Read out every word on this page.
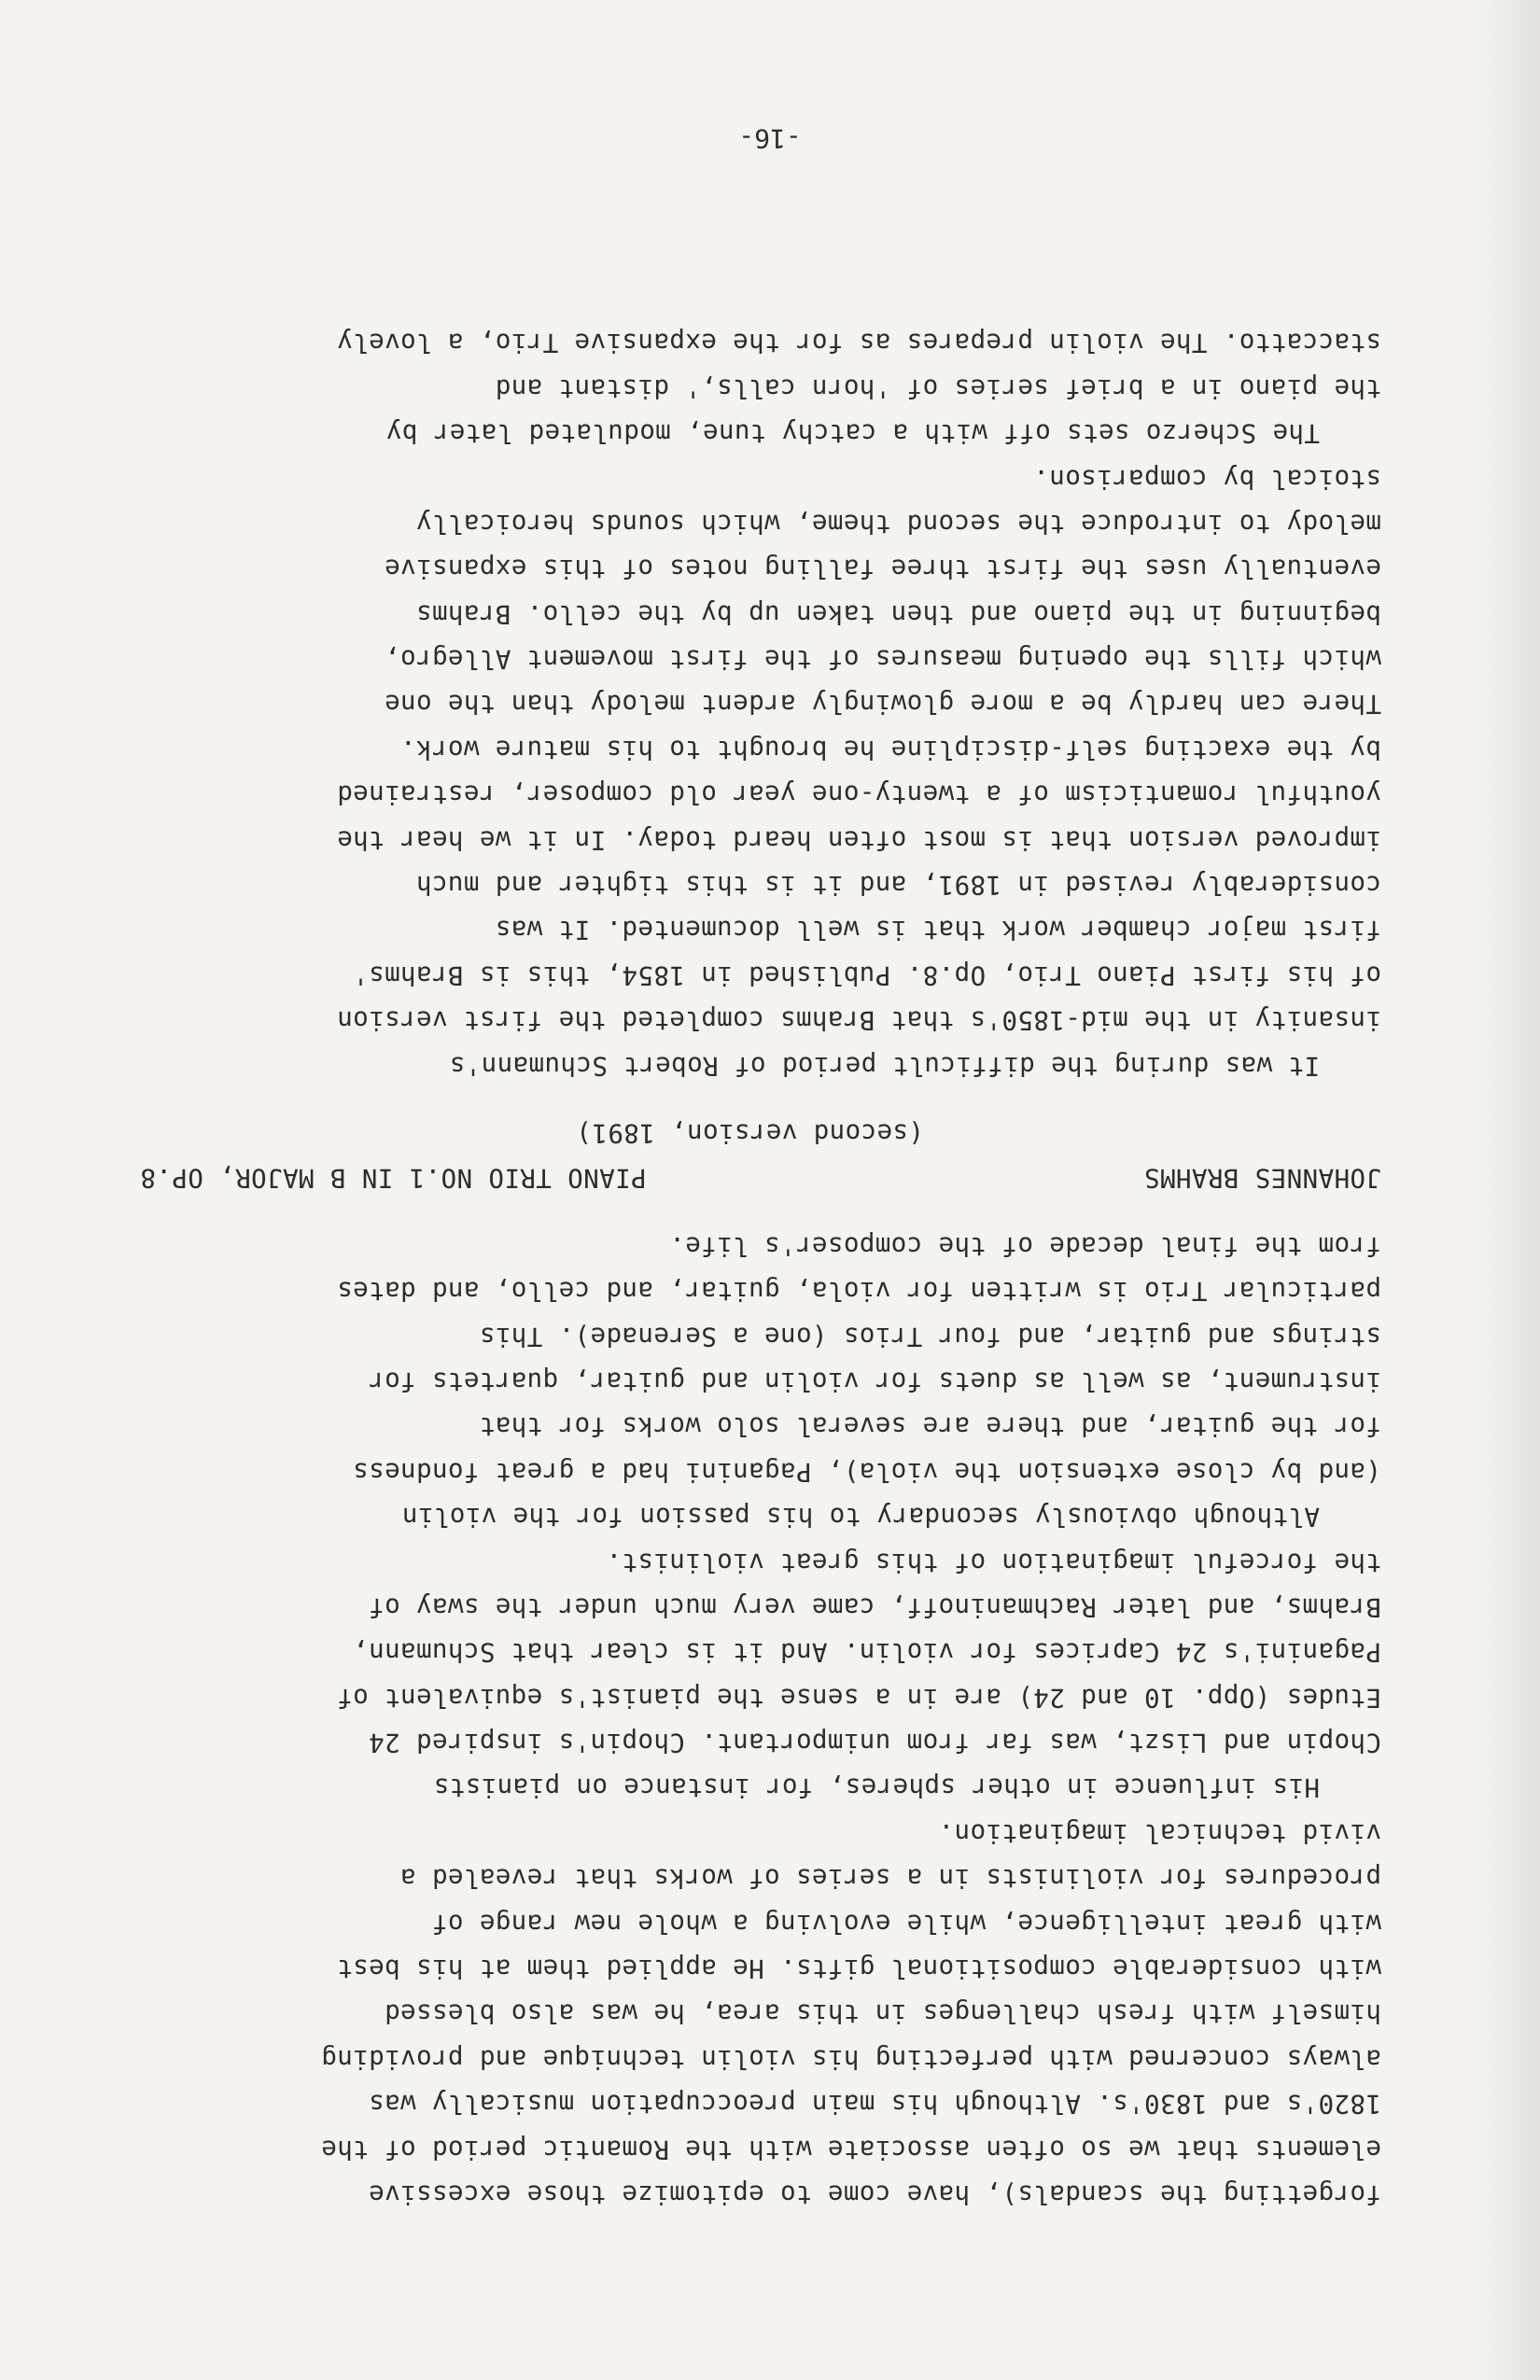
forgetting the scandals), have come to epitomize those excessive
elements that we so often associate with the Romantic period of the
1820's and 1830's. Although his main preoccupation musically was
always concerned with perfecting his violin technique and providing
himself with fresh challenges in this area, he was also blessed
with considerable compositional gifts. He applied them at his best
with great intelligence, while evolving a whole new range of
procedures for violinists in a series of works that revealed a
vivid technical imagination.
His influence in other spheres, for instance on pianists
Chopin and Liszt, was far from unimportant. Chopin's inspired 24
Etudes (Opp. 10 and 24) are in a sense the pianist's equivalent of
Paganini's 24 Caprices for violin. And it is clear that Schumann,
Brahms, and later Rachmaninoff, came very much under the sway of
the forceful imagination of this great violinist.
Although obviously secondary to his passion for the violin
(and by close extension the viola), Paganini had a great fondness
for the guitar, and there are several solo works for that
instrument, as well as duets for violin and guitar, quartets for
strings and guitar, and four Trios (one a Serenade). This
particular Trio is written for viola, guitar, and cello, and dates
from the final decade of the composer's life.
JOHANNES BRAHMS
PIANO TRIO NO.1 IN B MAJOR, OP.8
(second version, 1891)
It was during the difficult period of Robert Schumann's
insanity in the mid-1850's that Brahms completed the first version
of his first Piano Trio, Op.8. Published in 1854, this is Brahms'
first major chamber work that is well documented. It was
considerably revised in 1891, and it is this tighter and much
improved version that is most often heard today. In it we hear the
youthful romanticism of a twenty-one year old composer, restrained
by the exacting self-discipline he brought to his mature work.
There can hardly be a more glowingly ardent melody than the one
which fills the opening measures of the first movement Allegro,
beginning in the piano and then taken up by the cello. Brahms
eventually uses the first three falling notes of this expansive
melody to introduce the second theme, which sounds heroically
stoical by comparison.
The Scherzo sets off with a catchy tune, modulated later by
the piano in a brief series of 'horn calls,' distant and
staccatto. The violin prepares as for the expansive Trio, a lovely
-16-
